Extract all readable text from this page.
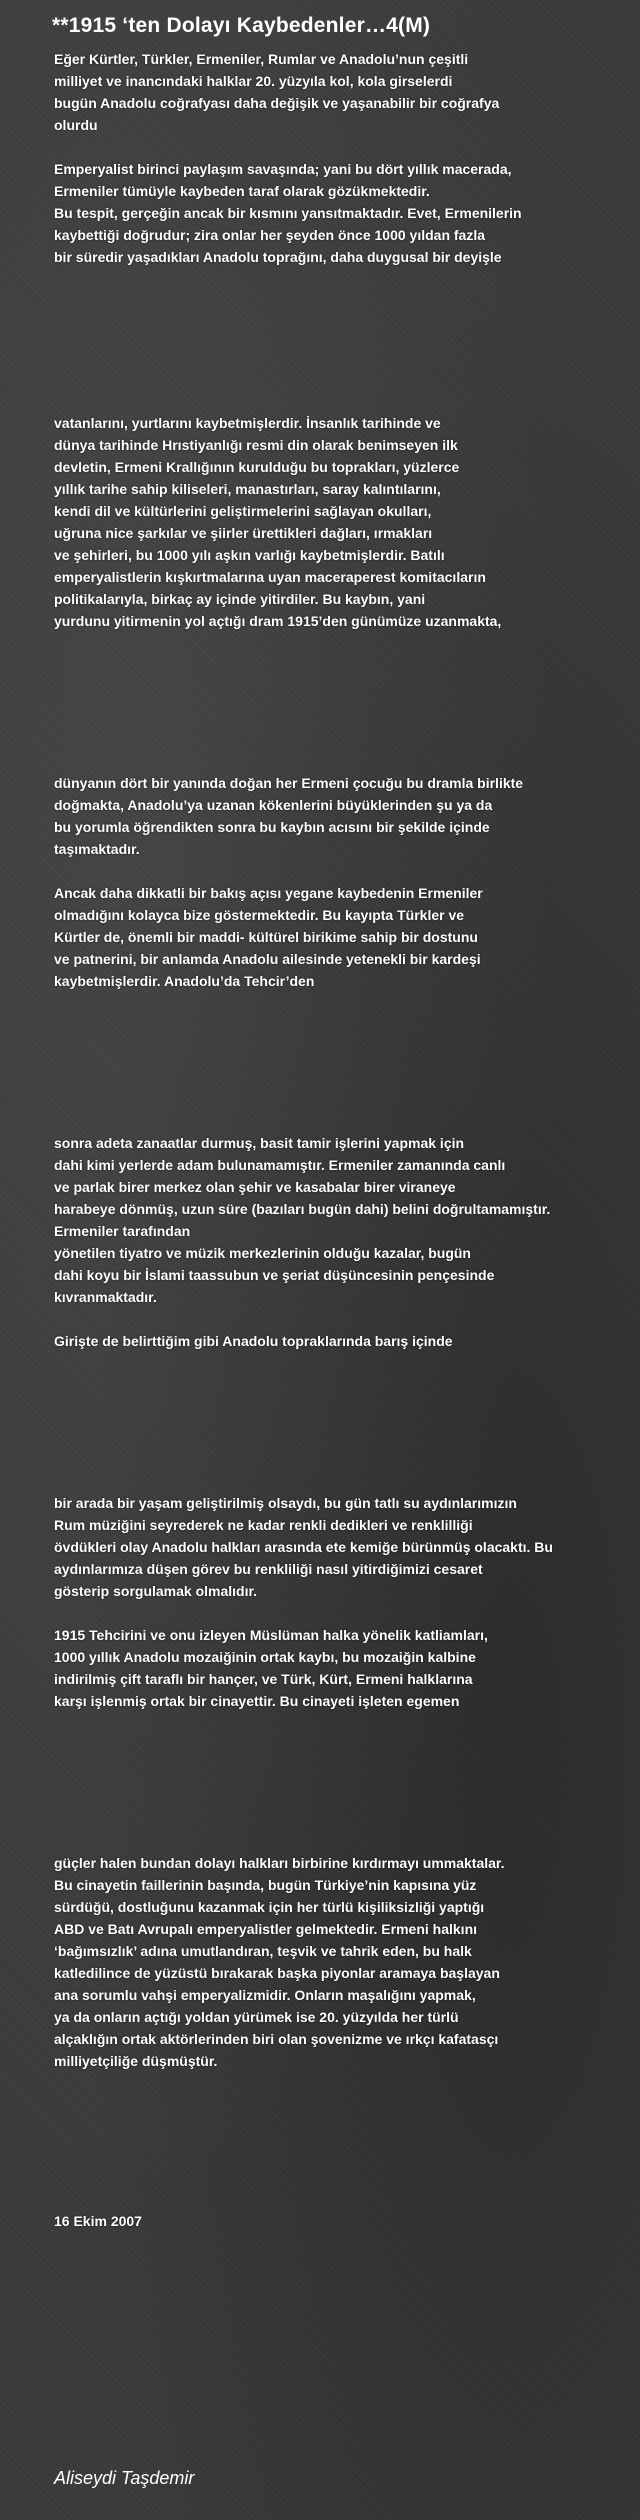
**1915 ‘ten Dolayı Kaybedenler…4(M)
Eğer Kürtler, Türkler, Ermeniler, Rumlar ve Anadolu’nun çeşitli
milliyet ve inancındaki halklar 20. yüzyıla kol, kola girselerdi
bugün Anadolu coğrafyası daha değişik ve yaşanabilir bir coğrafya
olurdu
Emperyalist birinci paylaşım savaşında; yani bu dört yıllık macerada,
Ermeniler tümüyle kaybeden taraf olarak gözükmektedir.
Bu tespit, gerçeğin ancak bir kısmını yansıtmaktadır. Evet, Ermenilerin
kaybettiği doğrudur; zira onlar her şeyden önce 1000 yıldan fazla
bir süredir yaşadıkları Anadolu toprağını, daha duygusal bir deyişle
vatanlarını, yurtlarını kaybetmişlerdir. İnsanlık tarihinde ve
dünya tarihinde Hrıstiyanlığı resmi din olarak benimseyen ilk
devletin, Ermeni Krallığının kurulduğu bu toprakları, yüzlerce
yıllık tarihe sahip kiliseleri, manastırları, saray kalıntılarını,
kendi dil ve kültürlerini geliştirmelerini sağlayan okulları,
uğruna nice şarkılar ve şiirler ürettikleri dağları, ırmakları
ve şehirleri, bu 1000 yılı aşkın varlığı kaybetmişlerdir. Batılı
emperyalistlerin kışkırtmalarına uyan maceraperest komitacıların
politikalarıyla, birkaç ay içinde yitirdiler. Bu kaybın, yani
yurdunu yitirmenin yol açtığı dram 1915’den günümüze uzanmakta,
dünyanın dört bir yanında doğan her Ermeni çocuğu bu dramla birlikte
doğmakta, Anadolu’ya uzanan kökenlerini büyüklerinden şu ya da
bu yorumla öğrendikten sonra bu kaybın acısını bir şekilde içinde
taşımaktadır.
Ancak daha dikkatli bir bakış açısı yegane kaybedenin Ermeniler
olmadığını kolayca bize göstermektedir. Bu kayıpta Türkler ve
Kürtler de, önemli bir maddi- kültürel birikime sahip bir dostunu
ve patnerini, bir anlamda Anadolu ailesinde yetenekli bir kardeşi
kaybetmişlerdir. Anadolu’da Tehcir’den
sonra adeta zanaatlar durmuş, basit tamir işlerini yapmak için
dahi kimi yerlerde adam bulunamamıştır. Ermeniler zamanında canlı
ve parlak birer merkez olan şehir ve kasabalar birer viraneye
harabeye dönmüş, uzun süre (bazıları bugün dahi) belini doğrultamamıştır.
Ermeniler tarafından
yönetilen tiyatro ve müzik merkezlerinin olduğu kazalar, bugün
dahi koyu bir İslami taassubun ve şeriat düşüncesinin pençesinde
kıvranmaktadır.
Girişte de belirttiğim gibi Anadolu topraklarında barış içinde
bir arada bir yaşam geliştirilmiş olsaydı, bu gün tatlı su aydınlarımızın
Rum müziğini seyrederek ne kadar renkli dedikleri ve renklilliği
övdükleri olay Anadolu halkları arasında ete kemiğe bürünmüş olacaktı. Bu
aydınlarımıza düşen görev bu renkliliği nasıl yitirdiğimizi cesaret
gösterip sorgulamak olmalıdır.
1915 Tehcirini ve onu izleyen Müslüman halka yönelik katliamları,
1000 yıllık Anadolu mozaiğinin ortak kaybı, bu mozaiğin kalbine
indirilmiş çift taraflı bir hançer, ve Türk, Kürt, Ermeni halklarına
karşı işlenmiş ortak bir cinayettir. Bu cinayeti işleten egemen
güçler halen bundan dolayı halkları birbirine kırdırmayı ummaktalar.
Bu cinayetin faillerinin başında, bugün Türkiye’nin kapısına yüz
sürdüğü, dostluğunu kazanmak için her türlü kişiliksizliği yaptığı
ABD ve Batı Avrupalı emperyalistler gelmektedir. Ermeni halkını
‘bağımsızlık’ adına umutlandıran, teşvik ve tahrik eden, bu halk
katledilince de yüzüstü bırakarak başka piyonlar aramaya başlayan
ana sorumlu vahşi emperyalizmidir. Onların maşalığını yapmak,
ya da onların açtığı yoldan yürümek ise 20. yüzyılda her türlü
alçaklığın ortak aktörlerinden biri olan şovenizme ve ırkçı kafatasçı
milliyetçiliğe düşmüştür.
16 Ekim 2007
Aliseydi Taşdemir
